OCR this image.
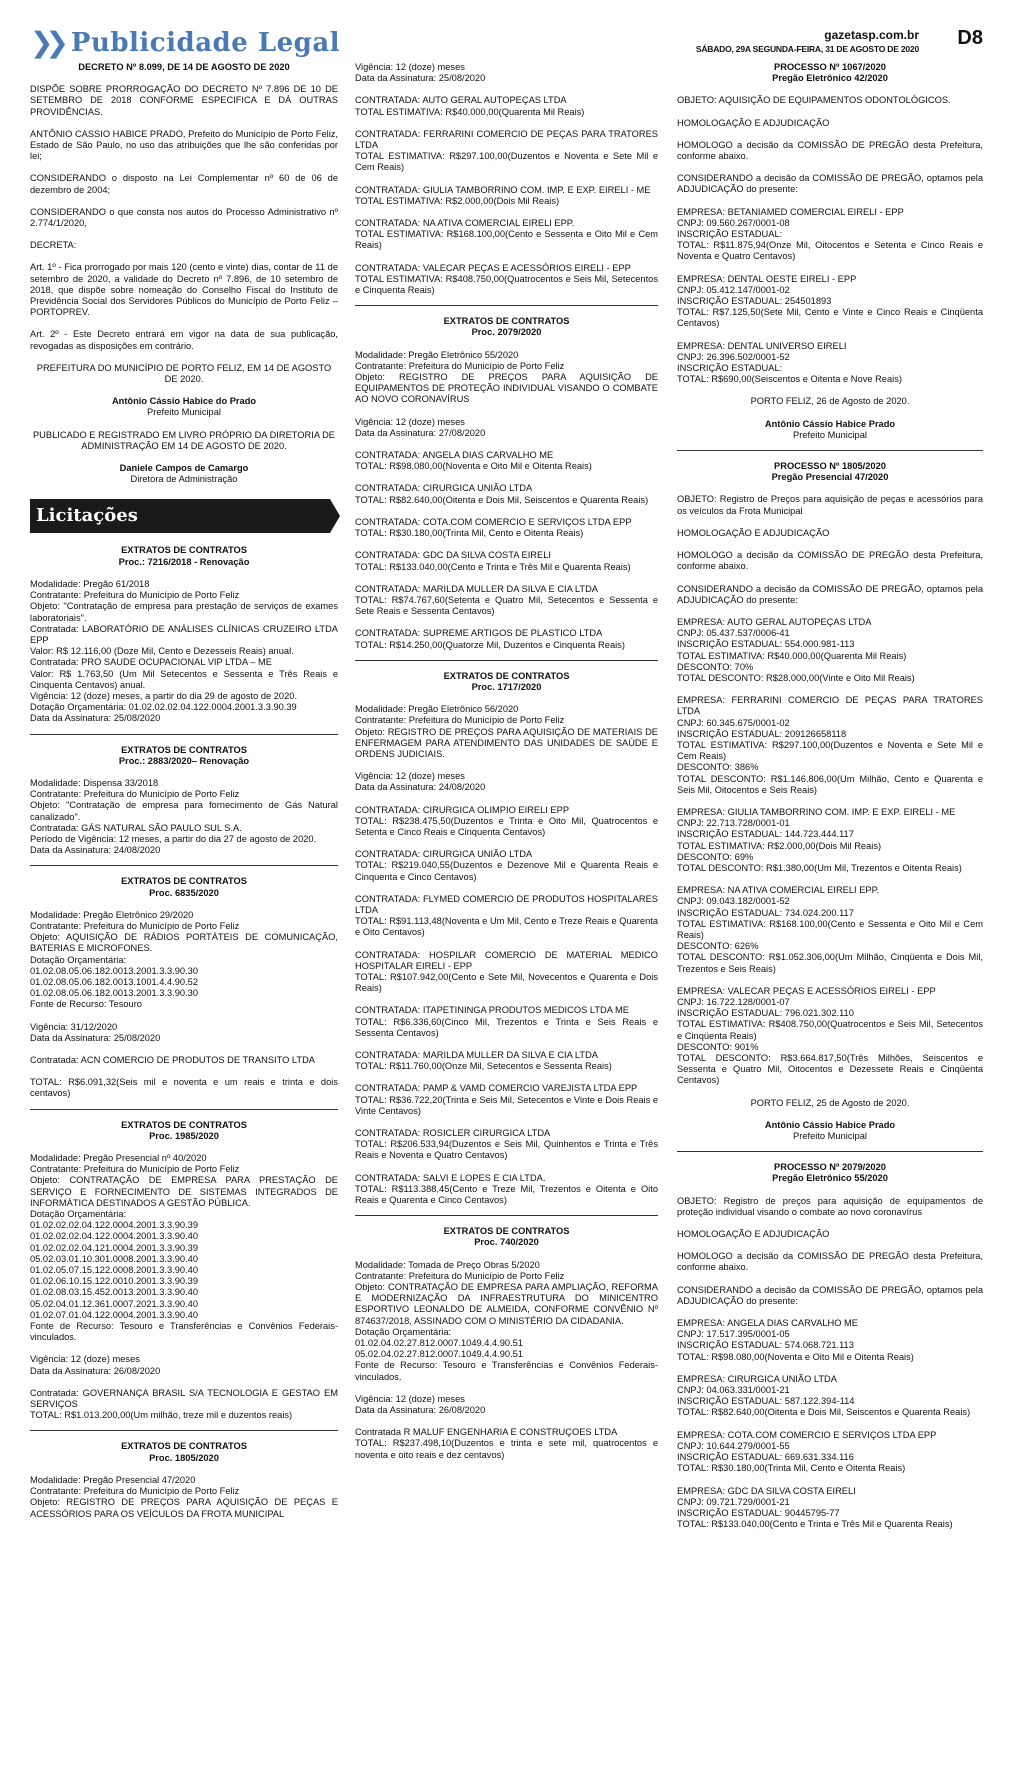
❯❯ Publicidade Legal	gazetasp.com.br
SÁBADO, 29A SEGUNDA-FEIRA, 31 DE AGOSTO DE 2020 D8

DECRETO Nº 8.099, DE 14 DE AGOSTO DE 2020

DISPÕE SOBRE PRORROGAÇÃO DO DECRETO Nº 7.896 DE 10 DE SETEMBRO DE 2018 CONFORME ESPECIFICA E DÁ OUTRAS PROVIDÊNCIAS.

ANTÔNIO CASSIO HABICE PRADO, Prefeito do Município de Porto Feliz, Estado de São Paulo, no uso das atribuições que lhe são conferidas por lei;

CONSIDERANDO o disposto na Lei Complementar nº 60 de 06 de dezembro de 2004;

CONSIDERANDO o que consta nos autos do Processo Administrativo nº 2.774/1/2020,

DECRETA:

Art. 1º - Fica prorrogado por mais 120 (cento e vinte) dias, contar de 11 de setembro de 2020, a validade do Decreto nº 7.896, de 10 setembro de 2018, que dispõe sobre nomeação do Conselho Fiscal do Instituto de Previdência Social dos Servidores Públicos do Município de Porto Feliz – PORTOPREV.

Art. 2º - Este Decreto entrará em vigor na data de sua publicação, revogadas as disposições em contrário.

PREFEITURA DO MUNICÍPIO DE PORTO FELIZ, EM 14 DE AGOSTO DE 2020.

Antônio Cássio Habice do Prado

Prefeito Municipal

PUBLICADO E REGISTRADO EM LIVRO PRÓPRIO DA DIRETORIA DE ADMINISTRAÇÃO EM 14 DE AGOSTO DE 2020.

Daniele Campos de Camargo

Diretora de Administração

Licitações

EXTRATOS DE CONTRATOS

Proc.: 7216/2018 - Renovação

Modalidade: Pregão 61/2018

Contratante: Prefeitura do Município de Porto Feliz

Objeto: "Contratação de empresa para prestação de serviços de exames laboratoriais".

Contratada: LABORATÓRIO DE ANÁLISES CLÍNICAS CRUZEIRO LTDA EPP

Valor: R$ 12.116,00 (Doze Mil, Cento e Dezesseis Reais) anual.

Contratada: PRO SAUDE OCUPACIONAL VIP LTDA – ME

Valor: R$ 1.763,50 (Um Mil Setecentos e Sessenta e Três Reais e Cinquenta Centavos) anual.

Vigência: 12 (doze) meses, a partir do dia 29 de agosto de 2020.

Dotação Orçamentária: 01.02.02.02.04.122.0004.2001.3.3.90.39

Data da Assinatura: 25/08/2020

EXTRATOS DE CONTRATOS

Proc.: 2883/2020– Renovação

Modalidade: Dispensa 33/2018

Contratante: Prefeitura do Município de Porto Feliz

Objeto: "Contratação de empresa para fornecimento de Gás Natural canalizado".

Contratada: GÁS NATURAL SÃO PAULO SUL S.A.

Período de Vigência: 12 meses, a partir do dia 27 de agosto de 2020.

Data da Assinatura: 24/08/2020

EXTRATOS DE CONTRATOS

Proc. 6835/2020

Modalidade: Pregão Eletrônico 29/2020

Contratante: Prefeitura do Município de Porto Feliz

Objeto: AQUISIÇÃO DE RÁDIOS PORTÁTEIS DE COMUNICAÇÃO, BATERIAS E MICROFONES.

Dotação Orçamentária:

01.02.08.05.06.182.0013.2001.3.3.90.30

01.02.08.05.06.182.0013.1001.4.4.90.52

01.02.08.05.06.182.0013.2001.3.3.90.30

Fonte de Recurso: Tesouro

Vigência: 31/12/2020

Data da Assinatura: 25/08/2020

Contratada: ACN COMERCIO DE PRODUTOS DE TRANSITO LTDA

TOTAL: R$6.091,32(Seis mil e noventa e um reais e trinta e dois centavos)

EXTRATOS DE CONTRATOS

Proc. 1985/2020

Modalidade: Pregão Presencial nº 40/2020

Contratante: Prefeitura do Município de Porto Feliz

Objeto: CONTRATAÇÃO DE EMPRESA PARA PRESTAÇÃO DE SERVIÇO E FORNECIMENTO DE SISTEMAS INTEGRADOS DE INFORMÁTICA DESTINADOS A GESTÃO PÚBLICA.

Dotação Orçamentária:

01.02.02.02.04.122.0004.2001.3.3.90.39

01.02.02.02.04.122.0004.2001.3.3.90.40

01.02.02.02.04.121.0004.2001.3.3.90.39

05.02.03.01.10.301.0008.2001.3.3.90.40

01.02.05.07.15.122.0008.2001.3.3.90.40

01.02.06.10.15.122.0010.2001.3.3.90.39

01.02.08.03.15.452.0013.2001.3.3.90.40

05.02.04.01.12.361.0007.2021.3.3.90.40

01.02.07.01.04.122.0004.2001.3.3.90.40

Fonte de Recurso: Tesouro e Transferências e Convênios Federais-vinculados.

Vigência: 12 (doze) meses

Data da Assinatura: 26/08/2020

Contratada: GOVERNANÇA BRASIL S/A TECNOLOGIA E GESTAO EM SERVIÇOS

TOTAL: R$1.013.200,00(Um milhão, treze mil e duzentos reais)

EXTRATOS DE CONTRATOS

Proc. 1805/2020

Modalidade: Pregão Presencial 47/2020

Contratante: Prefeitura do Município de Porto Feliz

Objeto: REGISTRO DE PREÇOS PARA AQUISIÇÃO DE PEÇAS E ACESSÓRIOS PARA OS VEÍCULOS DA FROTA MUNICIPAL

Vigência: 12 (doze) meses

Data da Assinatura: 25/08/2020

CONTRATADA: AUTO GERAL AUTOPEÇAS LTDA

TOTAL ESTIMATIVA: R$40.000,00(Quarenta Mil Reais)

CONTRATADA: FERRARINI COMERCIO DE PEÇAS PARA TRATORES LTDA

TOTAL ESTIMATIVA: R$297.100,00(Duzentos e Noventa e Sete Mil e Cem Reais)

CONTRATADA: GIULIA TAMBORRINO COM. IMP. E EXP. EIRELI - ME

TOTAL ESTIMATIVA: R$2.000,00(Dois Mil Reais)

CONTRATADA: NA ATIVA COMERCIAL EIRELI EPP.

TOTAL ESTIMATIVA: R$168.100,00(Cento e Sessenta e Oito Mil e Cem Reais)

CONTRATADA: VALECAR PEÇAS E ACESSÓRIOS EIRELI - EPP

TOTAL ESTIMATIVA: R$408.750,00(Quatrocentos e Seis Mil, Setecentos e Cinquenta Reais)

EXTRATOS DE CONTRATOS

Proc. 2079/2020

Modalidade: Pregão Eletrônico 55/2020

Contratante: Prefeitura do Município de Porto Feliz

Objeto: REGISTRO DE PREÇOS PARA AQUISIÇÃO DE EQUIPAMENTOS DE PROTEÇÃO INDIVIDUAL VISANDO O COMBATE AO NOVO CORONAVÍRUS

Vigência: 12 (doze) meses

Data da Assinatura: 27/08/2020

CONTRATADA: ANGELA DIAS CARVALHO ME

TOTAL: R$98.080,00(Noventa e Oito Mil e Oitenta Reais)

CONTRATADA: CIRURGICA UNIÃO LTDA

TOTAL: R$82.640,00(Oitenta e Dois Mil, Seiscentos e Quarenta Reais)

CONTRATADA: COTA.COM COMERCIO E SERVIÇOS LTDA EPP

TOTAL: R$30.180,00(Trinta Mil, Cento e Oitenta Reais)

CONTRATADA: GDC DA SILVA COSTA EIRELI

TOTAL: R$133.040,00(Cento e Trinta e Três Mil e Quarenta Reais)

CONTRATADA: MARILDA MULLER DA SILVA E CIA LTDA

TOTAL: R$74.767,60(Setenta e Quatro Mil, Setecentos e Sessenta e Sete Reais e Sessenta Centavos)

CONTRATADA: SUPREME ARTIGOS DE PLASTICO LTDA

TOTAL: R$14.250,00(Quatorze Mil, Duzentos e Cinquenta Reais)

EXTRATOS DE CONTRATOS

Proc. 1717/2020

Modalidade: Pregão Eletrônico 56/2020

Contratante: Prefeitura do Município de Porto Feliz

Objeto: REGISTRO DE PREÇOS PARA AQUISIÇÃO DE MATERIAIS DE ENFERMAGEM PARA ATENDIMENTO DAS UNIDADES DE SAÚDE E ORDENS JUDICIAIS.

Vigência: 12 (doze) meses

Data da Assinatura: 24/08/2020

CONTRATADA: CIRURGICA OLIMPIO EIRELI EPP

TOTAL: R$238.475,50(Duzentos e Trinta e Oito Mil, Quatrocentos e Setenta e Cinco Reais e Cinquenta Centavos)

CONTRATADA: CIRURGICA UNIÃO LTDA

TOTAL: R$219.040,55(Duzentos e Dezenove Mil e Quarenta Reais e Cinquenta e Cinco Centavos)

CONTRATADA: FLYMED COMERCIO DE PRODUTOS HOSPITALARES LTDA

TOTAL: R$91.113,48(Noventa e Um Mil, Cento e Treze Reais e Quarenta e Oito Centavos)

CONTRATADA: HOSPILAR COMERCIO DE MATERIAL MEDICO HOSPITALAR EIRELI - EPP

TOTAL: R$107.942,00(Cento e Sete Mil, Novecentos e Quarenta e Dois Reais)

CONTRATADA: ITAPETININGA PRODUTOS MEDICOS LTDA ME

TOTAL: R$6.336,60(Cinco Mil, Trezentos e Trinta e Seis Reais e Sessenta Centavos)

CONTRATADA: MARILDA MULLER DA SILVA E CIA LTDA

TOTAL: R$11.760,00(Onze Mil, Setecentos e Sessenta Reais)

CONTRATADA: PAMP & VAMD COMERCIO VAREJISTA LTDA EPP

TOTAL: R$36.722,20(Trinta e Seis Mil, Setecentos e Vinte e Dois Reais e Vinte Centavos)

CONTRATADA: ROSICLER CIRURGICA LTDA

TOTAL: R$206.533,94(Duzentos e Seis Mil, Quinhentos e Trinta e Três Reais e Noventa e Quatro Centavos)

CONTRATADA: SALVI E LOPES E CIA LTDA.

TOTAL: R$113.388,45(Cento e Treze Mil, Trezentos e Oitenta e Oito Reais e Quarenta e Cinco Centavos)

EXTRATOS DE CONTRATOS

Proc. 740/2020

Modalidade: Tomada de Preço Obras 5/2020

Contratante: Prefeitura do Município de Porto Feliz

Objeto: CONTRATAÇÃO DE EMPRESA PARA AMPLIAÇÃO, REFORMA E MODERNIZAÇÃO DA INFRAESTRUTURA DO MINICENTRO ESPORTIVO LEONALDO DE ALMEIDA, CONFORME CONVÊNIO Nº 874637/2018, ASSINADO COM O MINISTÉRIO DA CIDADANIA.

Dotação Orçamentária:

01.02.04.02.27.812.0007.1049.4.4.90.51

05.02.04.02.27.812.0007.1049.4.4.90.51

Fonte de Recurso: Tesouro e Transferências e Convênios Federais-vinculados.

Vigência: 12 (doze) meses

Data da Assinatura: 26/08/2020

Contratada R MALUF ENGENHARIA E CONSTRUÇOES LTDA

TOTAL: R$237.498,10(Duzentos e trinta e sete mil, quatrocentos e noventa e oito reais e dez centavos)

PROCESSO Nº 1067/2020

Pregão Eletrônico 42/2020

OBJETO: AQUISIÇÃO DE EQUIPAMENTOS ODONTOLÓGICOS.

HOMOLOGAÇÃO E ADJUDICAÇÃO

HOMOLOGO a decisão da COMISSÃO DE PREGÃO desta Prefeitura, conforme abaixo.

CONSIDERANDO a decisão da COMISSÃO DE PREGÃO, optamos pela ADJUDICAÇÃO do presente:

EMPRESA: BETANIAMED COMERCIAL EIRELI - EPP

CNPJ: 09.560.267/0001-08

INSCRIÇÃO ESTADUAL:

TOTAL: R$11.875,94(Onze Mil, Oitocentos e Setenta e Cinco Reais e Noventa e Quatro Centavos)

EMPRESA: DENTAL OESTE EIRELI - EPP

CNPJ: 05.412.147/0001-02

INSCRIÇÃO ESTADUAL: 254501893

TOTAL: R$7.125,50(Sete Mil, Cento e Vinte e Cinco Reais e Cinqüenta Centavos)

EMPRESA: DENTAL UNIVERSO EIRELI

CNPJ: 26.396.502/0001-52

INSCRIÇÃO ESTADUAL:

TOTAL: R$690,00(Seiscentos e Oitenta e Nove Reais)

PORTO FELIZ, 26 de Agosto de 2020.

Antônio Cássio Habice Prado

Prefeito Municipal

PROCESSO Nº 1805/2020

Pregão Presencial 47/2020

OBJETO: Registro de Preços para aquisição de peças e acessórios para os veículos da Frota Municipal

HOMOLOGAÇÃO E ADJUDICAÇÃO

HOMOLOGO a decisão da COMISSÃO DE PREGÃO desta Prefeitura, conforme abaixo.

CONSIDERANDO a decisão da COMISSÃO DE PREGÃO, optamos pela ADJUDICAÇÃO do presente:

EMPRESA: AUTO GERAL AUTOPEÇAS LTDA

CNPJ: 05.437.537/0006-41

INSCRIÇÃO ESTADUAL: 554.000.981-113

TOTAL ESTIMATIVA: R$40.000,00(Quarenta Mil Reais)

DESCONTO: 70%

TOTAL DESCONTO: R$28.000,00(Vinte e Oito Mil Reais)

EMPRESA: FERRARINI COMERCIO DE PEÇAS PARA TRATORES LTDA

CNPJ: 60.345.675/0001-02

INSCRIÇÃO ESTADUAL: 209126658118

TOTAL ESTIMATIVA: R$297.100,00(Duzentos e Noventa e Sete Mil e Cem Reais)

DESCONTO: 386%

TOTAL DESCONTO: R$1.146.806,00(Um Milhão, Cento e Quarenta e Seis Mil, Oitocentos e Seis Reais)

EMPRESA: GIULIA TAMBORRINO COM. IMP. E EXP. EIRELI - ME

CNPJ: 22.713.728/0001-01

INSCRIÇÃO ESTADUAL: 144.723.444.117

TOTAL ESTIMATIVA: R$2.000,00(Dois Mil Reais)

DESCONTO: 69%

TOTAL DESCONTO: R$1.380,00(Um Mil, Trezentos e Oitenta Reais)

EMPRESA: NA ATIVA COMERCIAL EIRELI EPP.

CNPJ: 09.043.182/0001-52

INSCRIÇÃO ESTADUAL: 734.024.200.117

TOTAL ESTIMATIVA: R$168.100,00(Cento e Sessenta e Oito Mil e Cem Reais)

DESCONTO: 626%

TOTAL DESCONTO: R$1.052.306,00(Um Milhão, Cinqüenta e Dois Mil, Trezentos e Seis Reais)

EMPRESA: VALECAR PEÇAS E ACESSÓRIOS EIRELI - EPP

CNPJ: 16.722.128/0001-07

INSCRIÇÃO ESTADUAL: 796.021.302.110

TOTAL ESTIMATIVA: R$408.750,00(Quatrocentos e Seis Mil, Setecentos e Cinqüenta Reais)

DESCONTO: 901%

TOTAL DESCONTO: R$3.664.817,50(Três Milhões, Seiscentos e Sessenta e Quatro Mil, Oitocentos e Dezessete Reais e Cinqüenta Centavos)

PORTO FELIZ, 25 de Agosto de 2020.

Antônio Cássio Habice Prado

Prefeito Municipal

PROCESSO Nº 2079/2020

Pregão Eletrônico 55/2020

OBJETO: Registro de preços para aquisição de equipamentos de proteção individual visando o combate ao novo coronavírus

HOMOLOGAÇÃO E ADJUDICAÇÃO

HOMOLOGO a decisão da COMISSÃO DE PREGÃO desta Prefeitura, conforme abaixo.

CONSIDERANDO a decisão da COMISSÃO DE PREGÃO, optamos pela ADJUDICAÇÃO do presente:

EMPRESA: ANGELA DIAS CARVALHO ME

CNPJ: 17.517.395/0001-05

INSCRIÇÃO ESTADUAL: 574.068.721.113

TOTAL: R$98.080,00(Noventa e Oito Mil e Oitenta Reais)

EMPRESA: CIRURGICA UNIÃO LTDA

CNPJ: 04.063.331/0001-21

INSCRIÇÃO ESTADUAL: 587.122.394-114

TOTAL: R$82.640,00(Oitenta e Dois Mil, Seiscentos e Quarenta Reais)

EMPRESA: COTA.COM COMERCIO E SERVIÇOS LTDA EPP

CNPJ: 10.644.279/0001-55

INSCRIÇÃO ESTADUAL: 669.631.334.116

TOTAL: R$30.180,00(Trinta Mil, Cento e Oitenta Reais)

EMPRESA: GDC DA SILVA COSTA EIRELI

CNPJ: 09.721.729/0001-21

INSCRIÇÃO ESTADUAL: 90445795-77

TOTAL: R$133.040,00(Cento e Trinta e Três Mil e Quarenta Reais)
